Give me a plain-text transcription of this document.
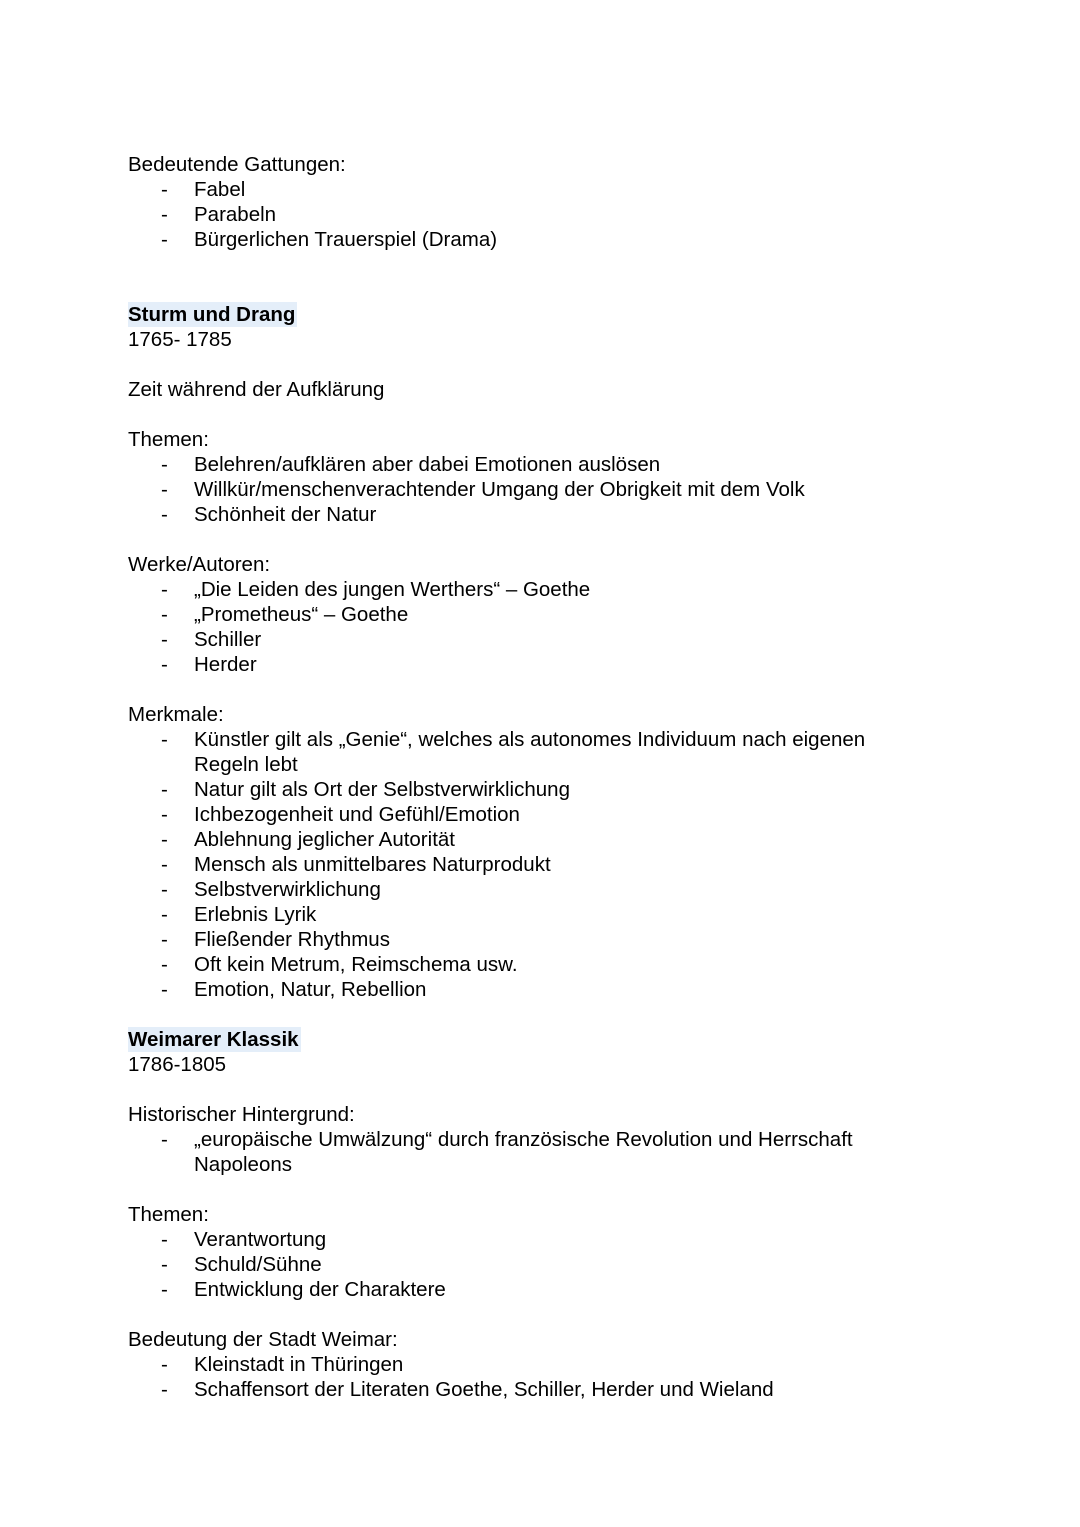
Bedeutende Gattungen:

- Fabel
- Parabeln
- Bürgerlichen Trauerspiel (Drama)

Sturm und Drang

1765- 1785

Zeit während der Aufklärung

Themen:

- Belehren/aufklären aber dabei Emotionen auslösen
- Willkür/menschenverachtender Umgang der Obrigkeit mit dem Volk
- Schönheit der Natur

Werke/Autoren:

- „Die Leiden des jungen Werthers“ – Goethe
- „Prometheus“ – Goethe
- Schiller
- Herder

Merkmale:

- Künstler gilt als „Genie“, welches als autonomes Individuum nach eigenen Regeln lebt
- Natur gilt als Ort der Selbstverwirklichung
- Ichbezogenheit und Gefühl/Emotion
- Ablehnung jeglicher Autorität
- Mensch als unmittelbares Naturprodukt
- Selbstverwirklichung
- Erlebnis Lyrik
- Fließender Rhythmus
- Oft kein Metrum, Reimschema usw.
- Emotion, Natur, Rebellion

Weimarer Klassik

1786-1805

Historischer Hintergrund:

- „europäische Umwälzung“ durch französische Revolution und Herrschaft Napoleons

Themen:

- Verantwortung
- Schuld/Sühne
- Entwicklung der Charaktere

Bedeutung der Stadt Weimar:

- Kleinstadt in Thüringen
- Schaffensort der Literaten Goethe, Schiller, Herder und Wieland
